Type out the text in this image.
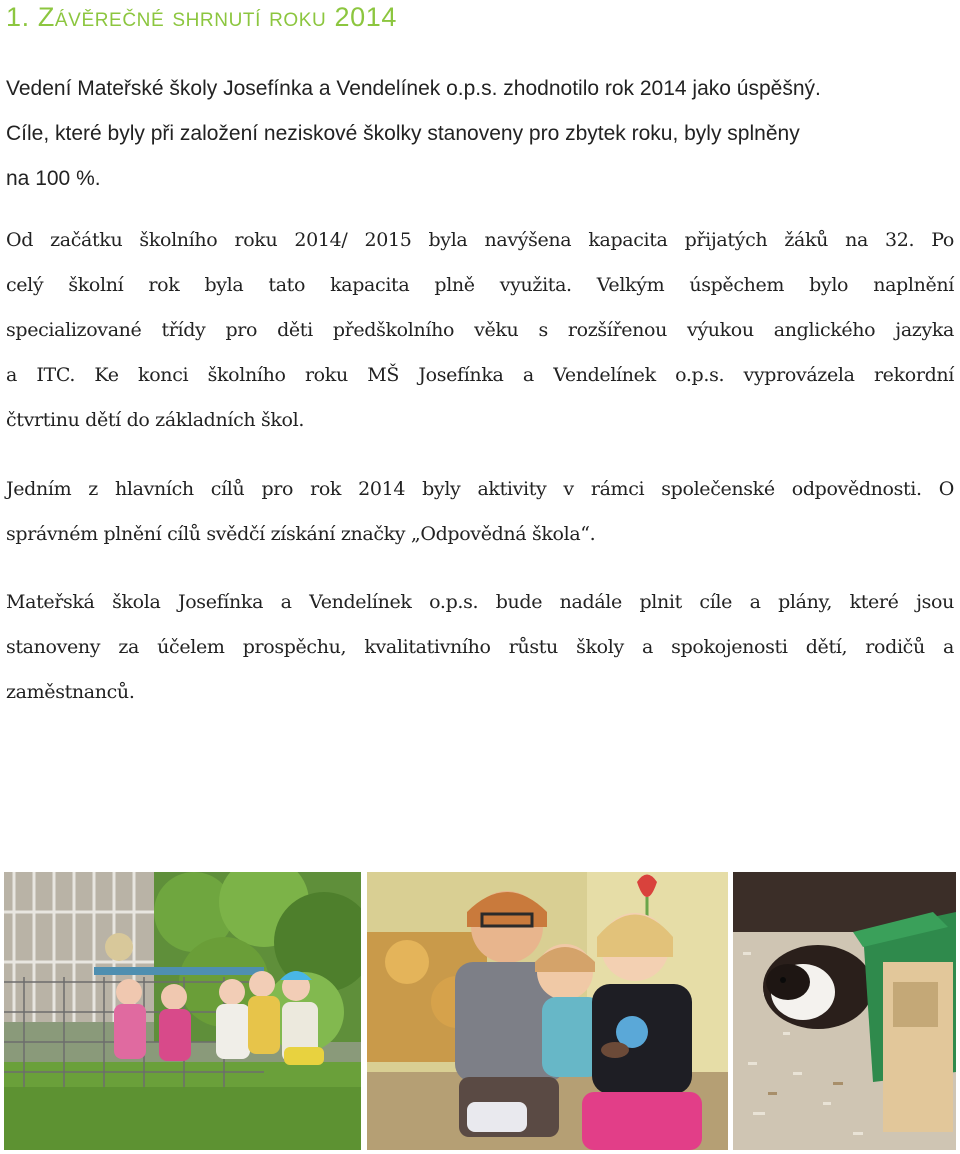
1. Závěrečné shrnutí roku 2014

Vedení Mateřské školy Josefínka a Vendelínek o.p.s. zhodnotilo rok 2014 jako úspěšný.
Cíle, které byly při založení neziskové školky stanoveny pro zbytek roku, byly splněny
na 100 %.

Od začátku školního roku 2014/ 2015 byla navýšena kapacita přijatých žáků na 32. Po
celý školní rok byla tato kapacita plně využita. Velkým úspěchem bylo naplnění
specializované třídy pro děti předškolního věku s rozšířenou výukou anglického jazyka
a ITC. Ke konci školního roku MŠ Josefínka a Vendelínek o.p.s. vyprovázela rekordní
čtvrtinu dětí do základních škol.

Jedním z hlavních cílů pro rok 2014 byly aktivity v rámci společenské odpovědnosti. O
správném plnění cílů svědčí získání značky „Odpovědná škola“.

Mateřská škola Josefínka a Vendelínek o.p.s. bude nadále plnit cíle a plány, které jsou
stanoveny za účelem prospěchu, kvalitativního růstu školy a spokojenosti dětí, rodičů a
zaměstnanců.
